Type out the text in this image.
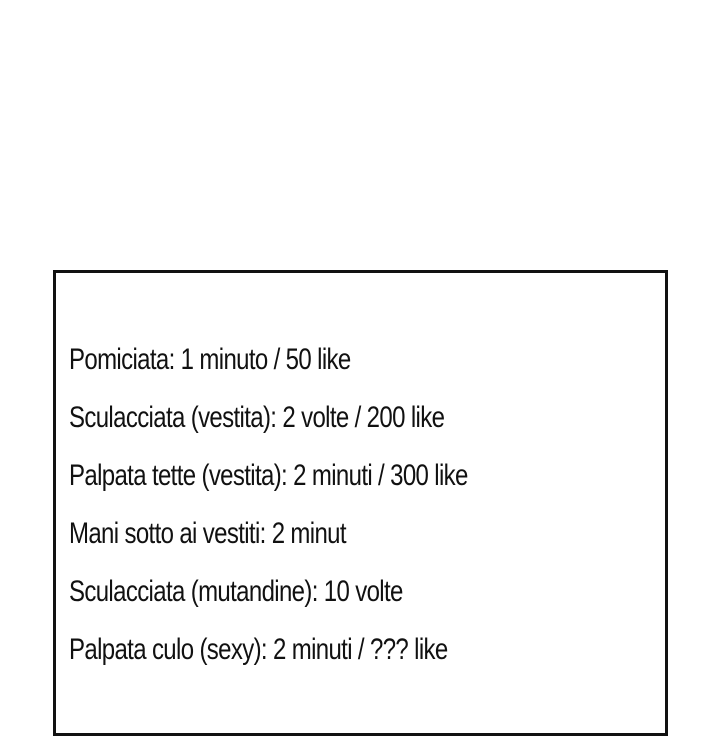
Pomiciata: 1 minuto / 50 like
Sculacciata (vestita): 2 volte / 200 like
Palpata tette (vestita): 2 minuti / 300 like
Mani sotto ai vestiti: 2 minut
Sculacciata (mutandine): 10 volte
Palpata culo (sexy): 2 minuti / ??? like
